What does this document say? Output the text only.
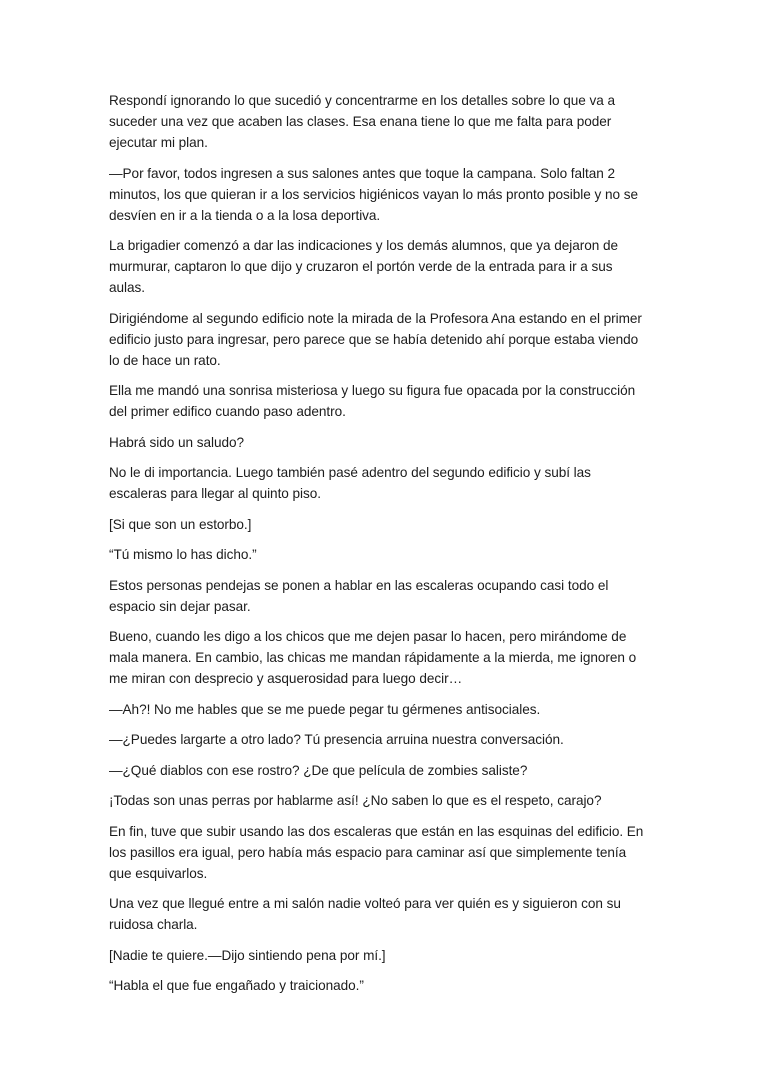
Respondí ignorando lo que sucedió y concentrarme en los detalles sobre lo que va a suceder una vez que acaben las clases. Esa enana tiene lo que me falta para poder ejecutar mi plan.

—Por favor, todos ingresen a sus salones antes que toque la campana. Solo faltan 2 minutos, los que quieran ir a los servicios higiénicos vayan lo más pronto posible y no se desvíen en ir a la tienda o a la losa deportiva.

La brigadier comenzó a dar las indicaciones y los demás alumnos, que ya dejaron de murmurar, captaron lo que dijo y cruzaron el portón verde de la entrada para ir a sus aulas.

Dirigiéndome al segundo edificio note la mirada de la Profesora Ana estando en el primer edificio justo para ingresar, pero parece que se había detenido ahí porque estaba viendo lo de hace un rato.

Ella me mandó una sonrisa misteriosa y luego su figura fue opacada por la construcción del primer edifico cuando paso adentro.

Habrá sido un saludo?

No le di importancia. Luego también pasé adentro del segundo edificio y subí las escaleras para llegar al quinto piso.

[Si que son un estorbo.]

“Tú mismo lo has dicho.”

Estos personas pendejas se ponen a hablar en las escaleras ocupando casi todo el espacio sin dejar pasar.

Bueno, cuando les digo a los chicos que me dejen pasar lo hacen, pero mirándome de mala manera. En cambio, las chicas me mandan rápidamente a la mierda, me ignoren o me miran con desprecio y asquerosidad para luego decir…

—Ah?! No me hables que se me puede pegar tu gérmenes antisociales.

—¿Puedes largarte a otro lado? Tú presencia arruina nuestra conversación.

—¿Qué diablos con ese rostro? ¿De que película de zombies saliste?

¡Todas son unas perras por hablarme así! ¿No saben lo que es el respeto, carajo?

En fin, tuve que subir usando las dos escaleras que están en las esquinas del edificio. En los pasillos era igual, pero había más espacio para caminar así que simplemente tenía que esquivarlos.

Una vez que llegué entre a mi salón nadie volteó para ver quién es y siguieron con su ruidosa charla.

[Nadie te quiere.—Dijo sintiendo pena por mí.]

“Habla el que fue engañado y traicionado.”
